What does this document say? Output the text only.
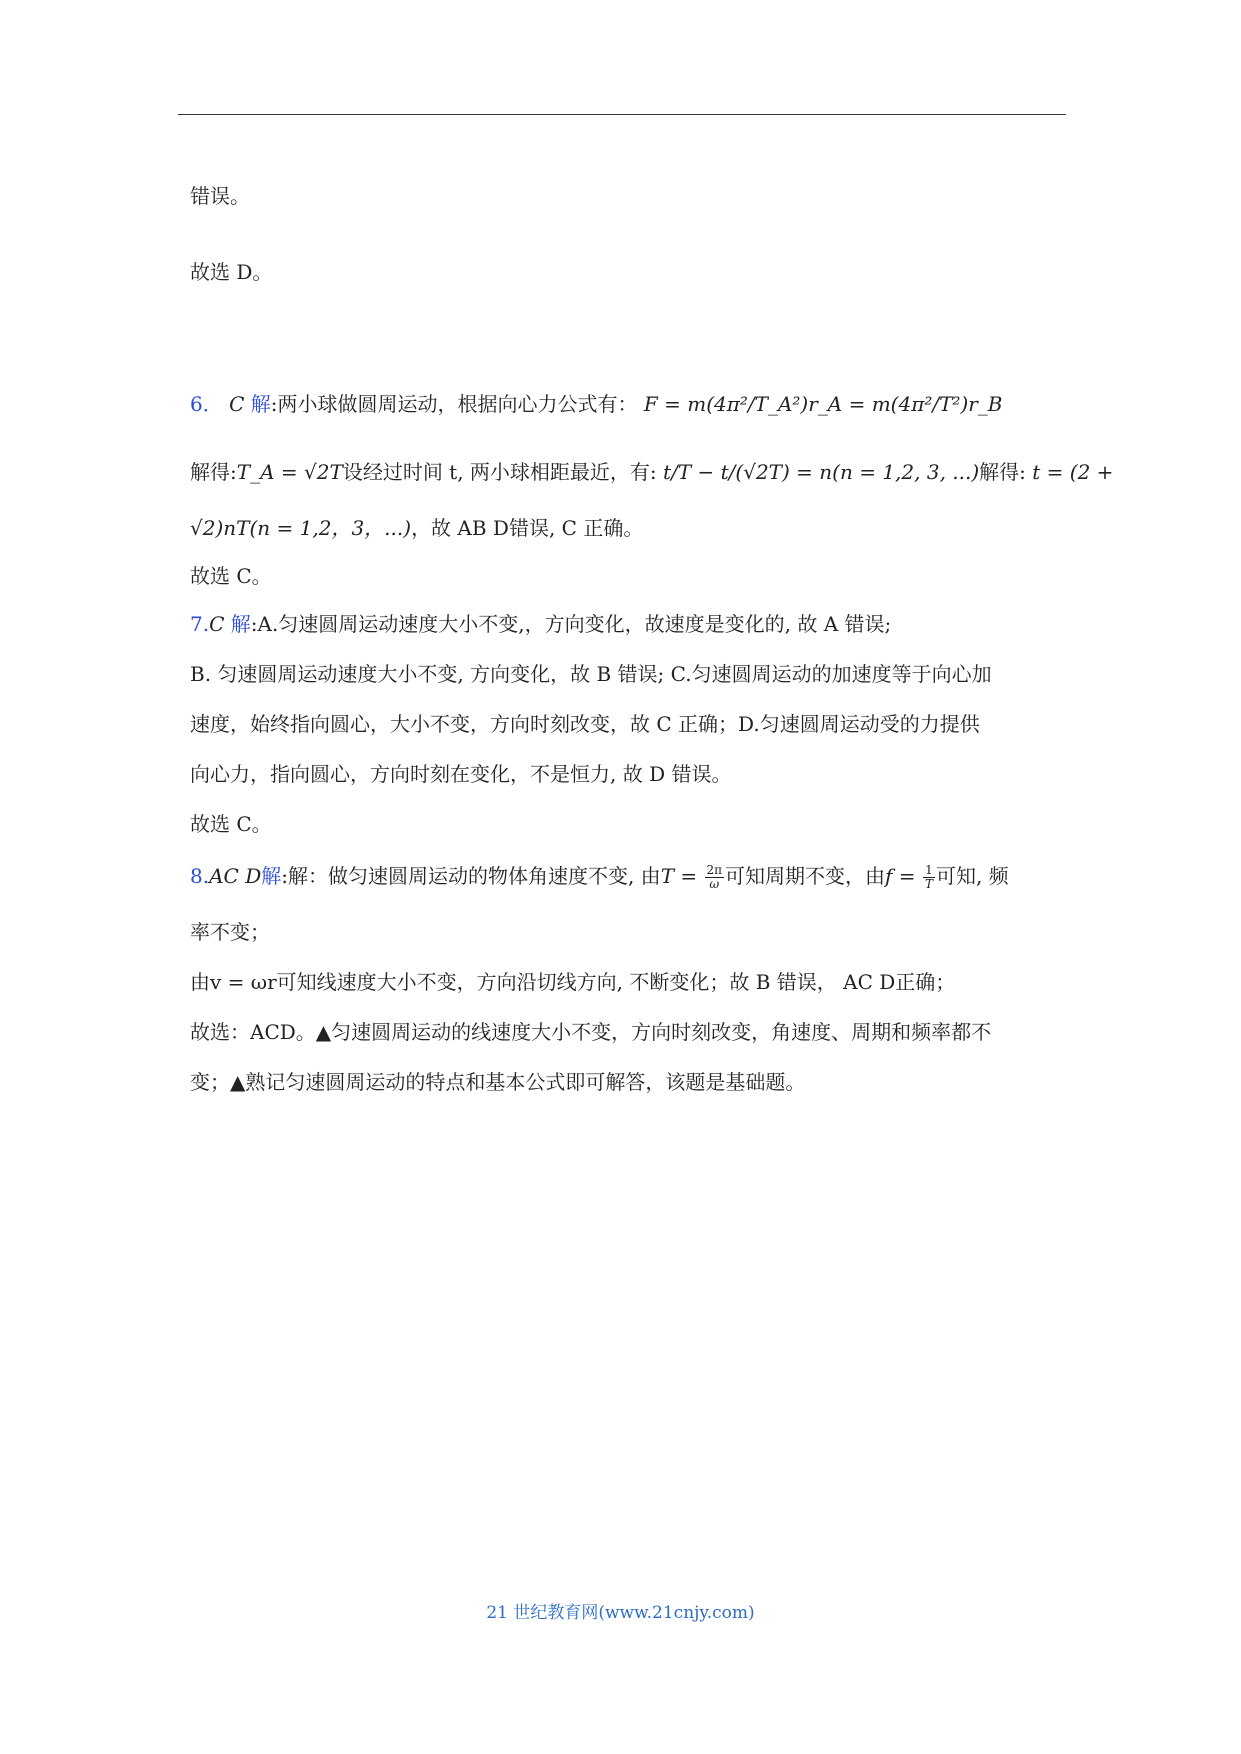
错误。
故选 D。
6． C 解:两小球做圆周运动，根据向心力公式有： F = m(4π²/T_A²)r_A = m(4π²/T²)r_B
解得:T_A = √2T设经过时间 t, 两小球相距最近，有: t/T − t/(√2T) = n(n = 1,2, 3, ...)解得: t = (2 +
√2)nT(n = 1,2，3，...)，故 AB D错误, C 正确。
故选 C。
7.C 解:A.匀速圆周运动速度大小不变,，方向变化，故速度是变化的, 故 A 错误;
B. 匀速圆周运动速度大小不变, 方向变化，故 B 错误; C.匀速圆周运动的加速度等于向心加
速度，始终指向圆心，大小不变，方向时刻改变，故 C 正确；D.匀速圆周运动受的力提供
向心力，指向圆心，方向时刻在变化，不是恒力, 故 D 错误。
故选 C。
8.AC D解:解：做匀速圆周运动的物体角速度不变, 由$T = \frac{2\pi}{\omega}$ 可知周期不变，由$f = \frac{1}{T}$ 可知, 频
率不变；
由v = ωr可知线速度大小不变，方向沿切线方向, 不断变化；故 B 错误， AC D正确；
故选：ACD。▲匀速圆周运动的线速度大小不变，方向时刻改变，角速度、周期和频率都不
变；▲熟记匀速圆周运动的特点和基本公式即可解答，该题是基础题。
21 世纪教育网(www.21cnjy.com)
